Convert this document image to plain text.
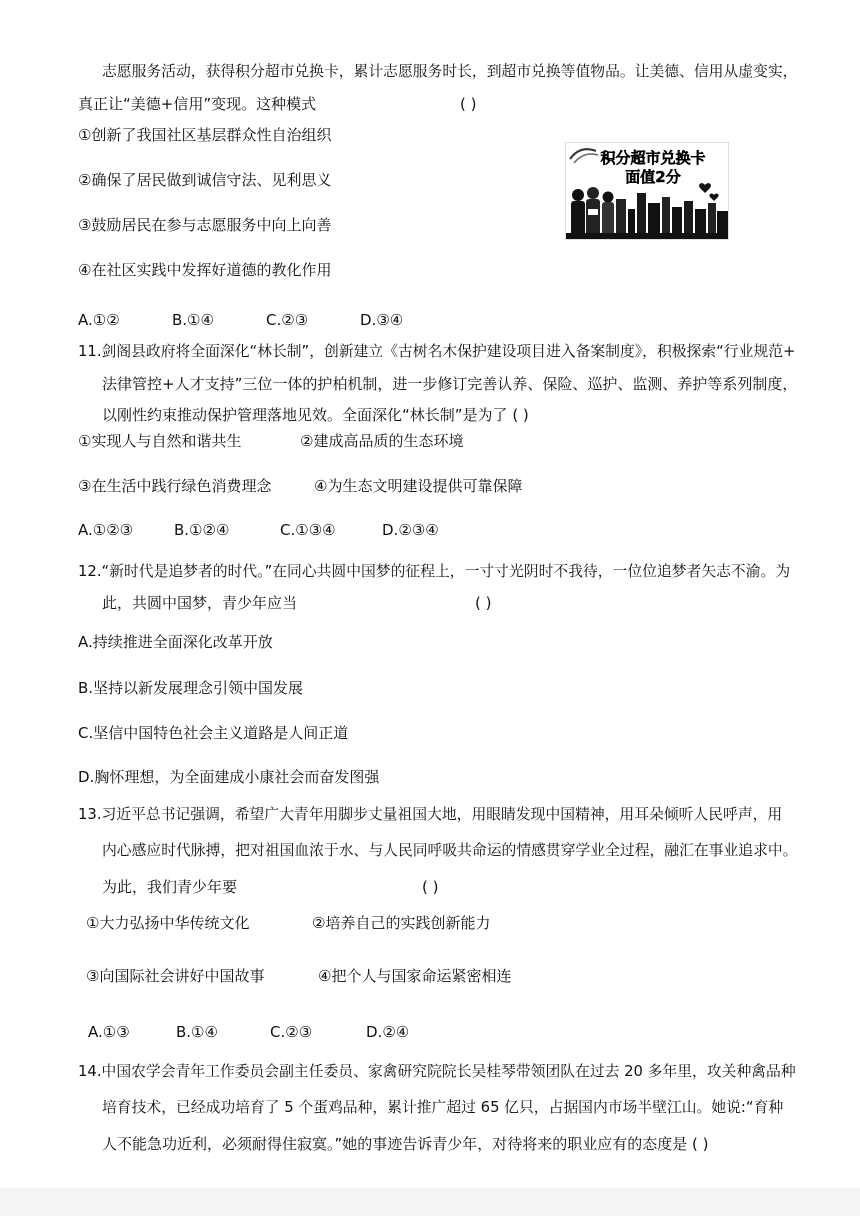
志愿服务活动，获得积分超市兑换卡，累计志愿服务时长，到超市兑换等值物品。让美德、信用从虚变实，
真正让“美德+信用”变现。这种模式	( )
①创新了我国社区基层群众性自治组织
②确保了居民做到诚信守法、见利思义
③鼓励居民在参与志愿服务中向上向善
④在社区实践中发挥好道德的教化作用
积分超市兑换卡
面值2分
A.①②	B.①④	C.②③	D.③④
11.剑阁县政府将全面深化“林长制”，创新建立《古树名木保护建设项目进入备案制度》，积极探索“行业规范+
法律管控+人才支持”三位一体的护柏机制，进一步修订完善认养、保险、巡护、监测、养护等系列制度，
以刚性约束推动保护管理落地见效。全面深化“林长制”是为了 ( )
①实现人与自然和谐共生	②建成高品质的生态环境
③在生活中践行绿色消费理念	④为生态文明建设提供可靠保障
A.①②③	B.①②④	C.①③④	D.②③④
12.“新时代是追梦者的时代。”在同心共圆中国梦的征程上，一寸寸光阴时不我待，一位位追梦者矢志不渝。为
此，共圆中国梦，青少年应当	( )
A.持续推进全面深化改革开放
B.坚持以新发展理念引领中国发展
C.坚信中国特色社会主义道路是人间正道
D.胸怀理想，为全面建成小康社会而奋发图强
13.习近平总书记强调，希望广大青年用脚步丈量祖国大地，用眼睛发现中国精神，用耳朵倾听人民呼声，用
内心感应时代脉搏，把对祖国血浓于水、与人民同呼吸共命运的情感贯穿学业全过程，融汇在事业追求中。
为此，我们青少年要	( )
①大力弘扬中华传统文化	②培养自己的实践创新能力
③向国际社会讲好中国故事	④把个人与国家命运紧密相连
A.①③	B.①④	C.②③	D.②④
14.中国农学会青年工作委员会副主任委员、家禽研究院院长吴桂琴带领团队在过去 20 多年里，攻关种禽品种
培育技术，已经成功培育了 5 个蛋鸡品种，累计推广超过 65 亿只，占据国内市场半壁江山。她说:“育种
人不能急功近利，必须耐得住寂寞。”她的事迹告诉青少年，对待将来的职业应有的态度是 ( )
